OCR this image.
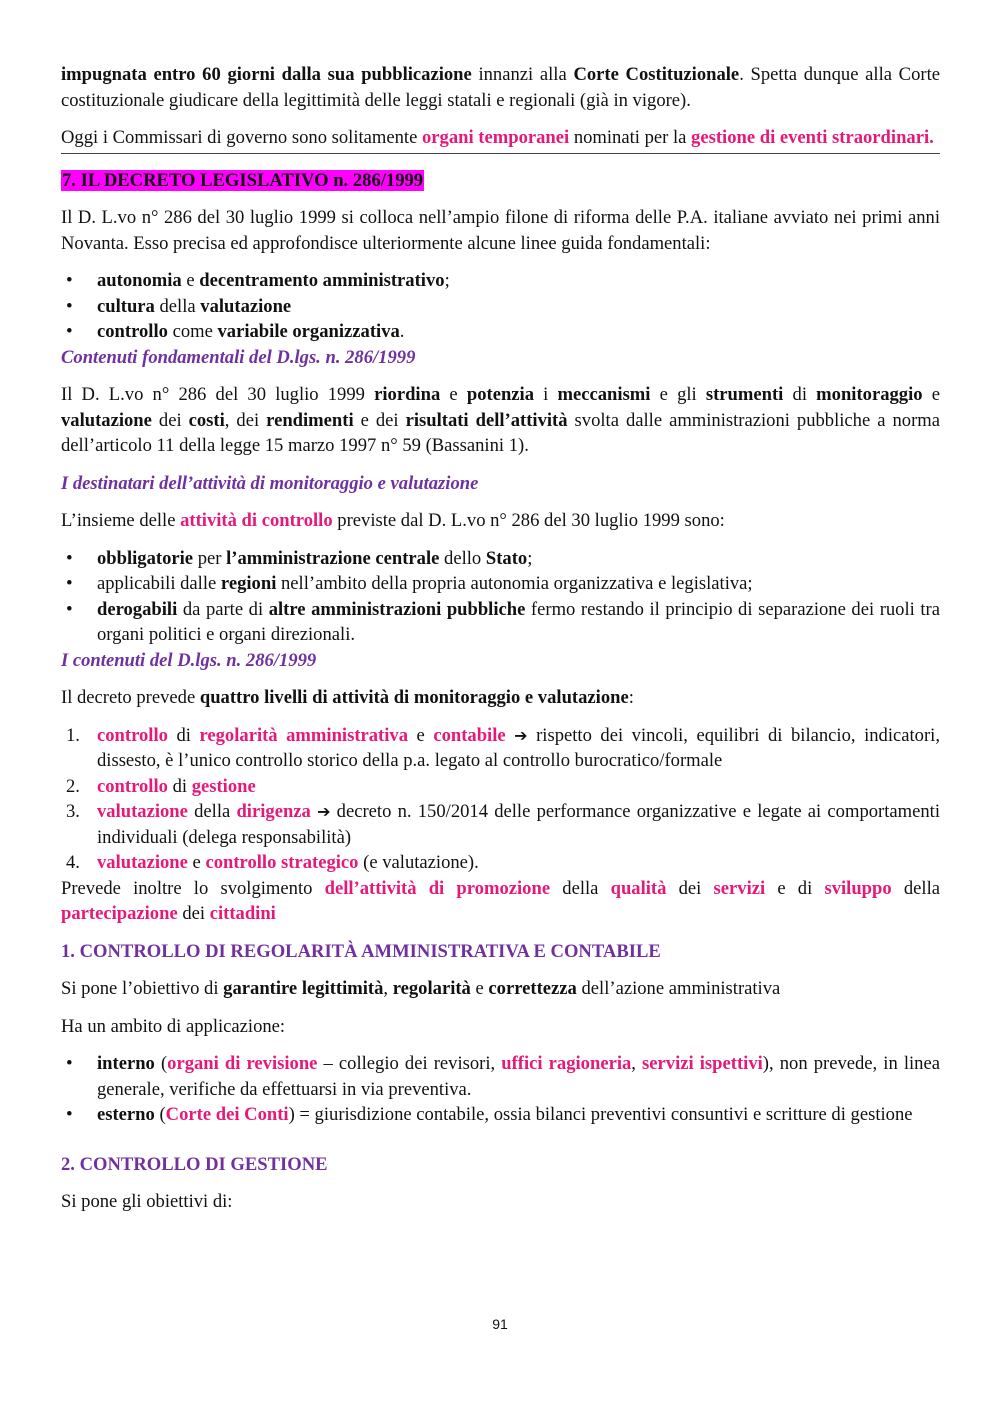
impugnata entro 60 giorni dalla sua pubblicazione innanzi alla Corte Costituzionale. Spetta dunque alla Corte costituzionale giudicare della legittimità delle leggi statali e regionali (già in vigore).

Oggi i Commissari di governo sono solitamente organi temporanei nominati per la gestione di eventi straordinari.

7. IL DECRETO LEGISLATIVO n. 286/1999

Il D. L.vo n° 286 del 30 luglio 1999 si colloca nell’ampio filone di riforma delle P.A. italiane avviato nei primi anni Novanta. Esso precisa ed approfondisce ulteriormente alcune linee guida fondamentali:

• autonomia e decentramento amministrativo;
• cultura della valutazione
• controllo come variabile organizzativa.

Contenuti fondamentali del D.lgs. n. 286/1999

Il D. L.vo n° 286 del 30 luglio 1999 riordina e potenzia i meccanismi e gli strumenti di monitoraggio e valutazione dei costi, dei rendimenti e dei risultati dell’attività svolta dalle amministrazioni pubbliche a norma dell’articolo 11 della legge 15 marzo 1997 n° 59 (Bassanini 1).

I destinatari dell’attività di monitoraggio e valutazione

L’insieme delle attività di controllo previste dal D. L.vo n° 286 del 30 luglio 1999 sono:

• obbligatorie per l’amministrazione centrale dello Stato;
• applicabili dalle regioni nell’ambito della propria autonomia organizzativa e legislativa;
• derogabili da parte di altre amministrazioni pubbliche fermo restando il principio di separazione dei ruoli tra organi politici e organi direzionali.

I contenuti del D.lgs. n. 286/1999

Il decreto prevede quattro livelli di attività di monitoraggio e valutazione:

1. controllo di regolarità amministrativa e contabile ➔ rispetto dei vincoli, equilibri di bilancio, indicatori, dissesto, è l’unico controllo storico della p.a. legato al controllo burocratico/formale
2. controllo di gestione
3. valutazione della dirigenza ➔ decreto n. 150/2014 delle performance organizzative e legate ai comportamenti individuali (delega responsabilità)
4. valutazione e controllo strategico (e valutazione).

Prevede inoltre lo svolgimento dell’attività di promozione della qualità dei servizi e di sviluppo della partecipazione dei cittadini

1. CONTROLLO DI REGOLARITÀ AMMINISTRATIVA E CONTABILE

Si pone l’obiettivo di garantire legittimità, regolarità e correttezza dell’azione amministrativa

Ha un ambito di applicazione:

• interno (organi di revisione – collegio dei revisori, uffici ragioneria, servizi ispettivi), non prevede, in linea generale, verifiche da effettuarsi in via preventiva.
• esterno (Corte dei Conti) = giurisdizione contabile, ossia bilanci preventivi consuntivi e scritture di gestione

2. CONTROLLO DI GESTIONE

Si pone gli obiettivi di:

91
